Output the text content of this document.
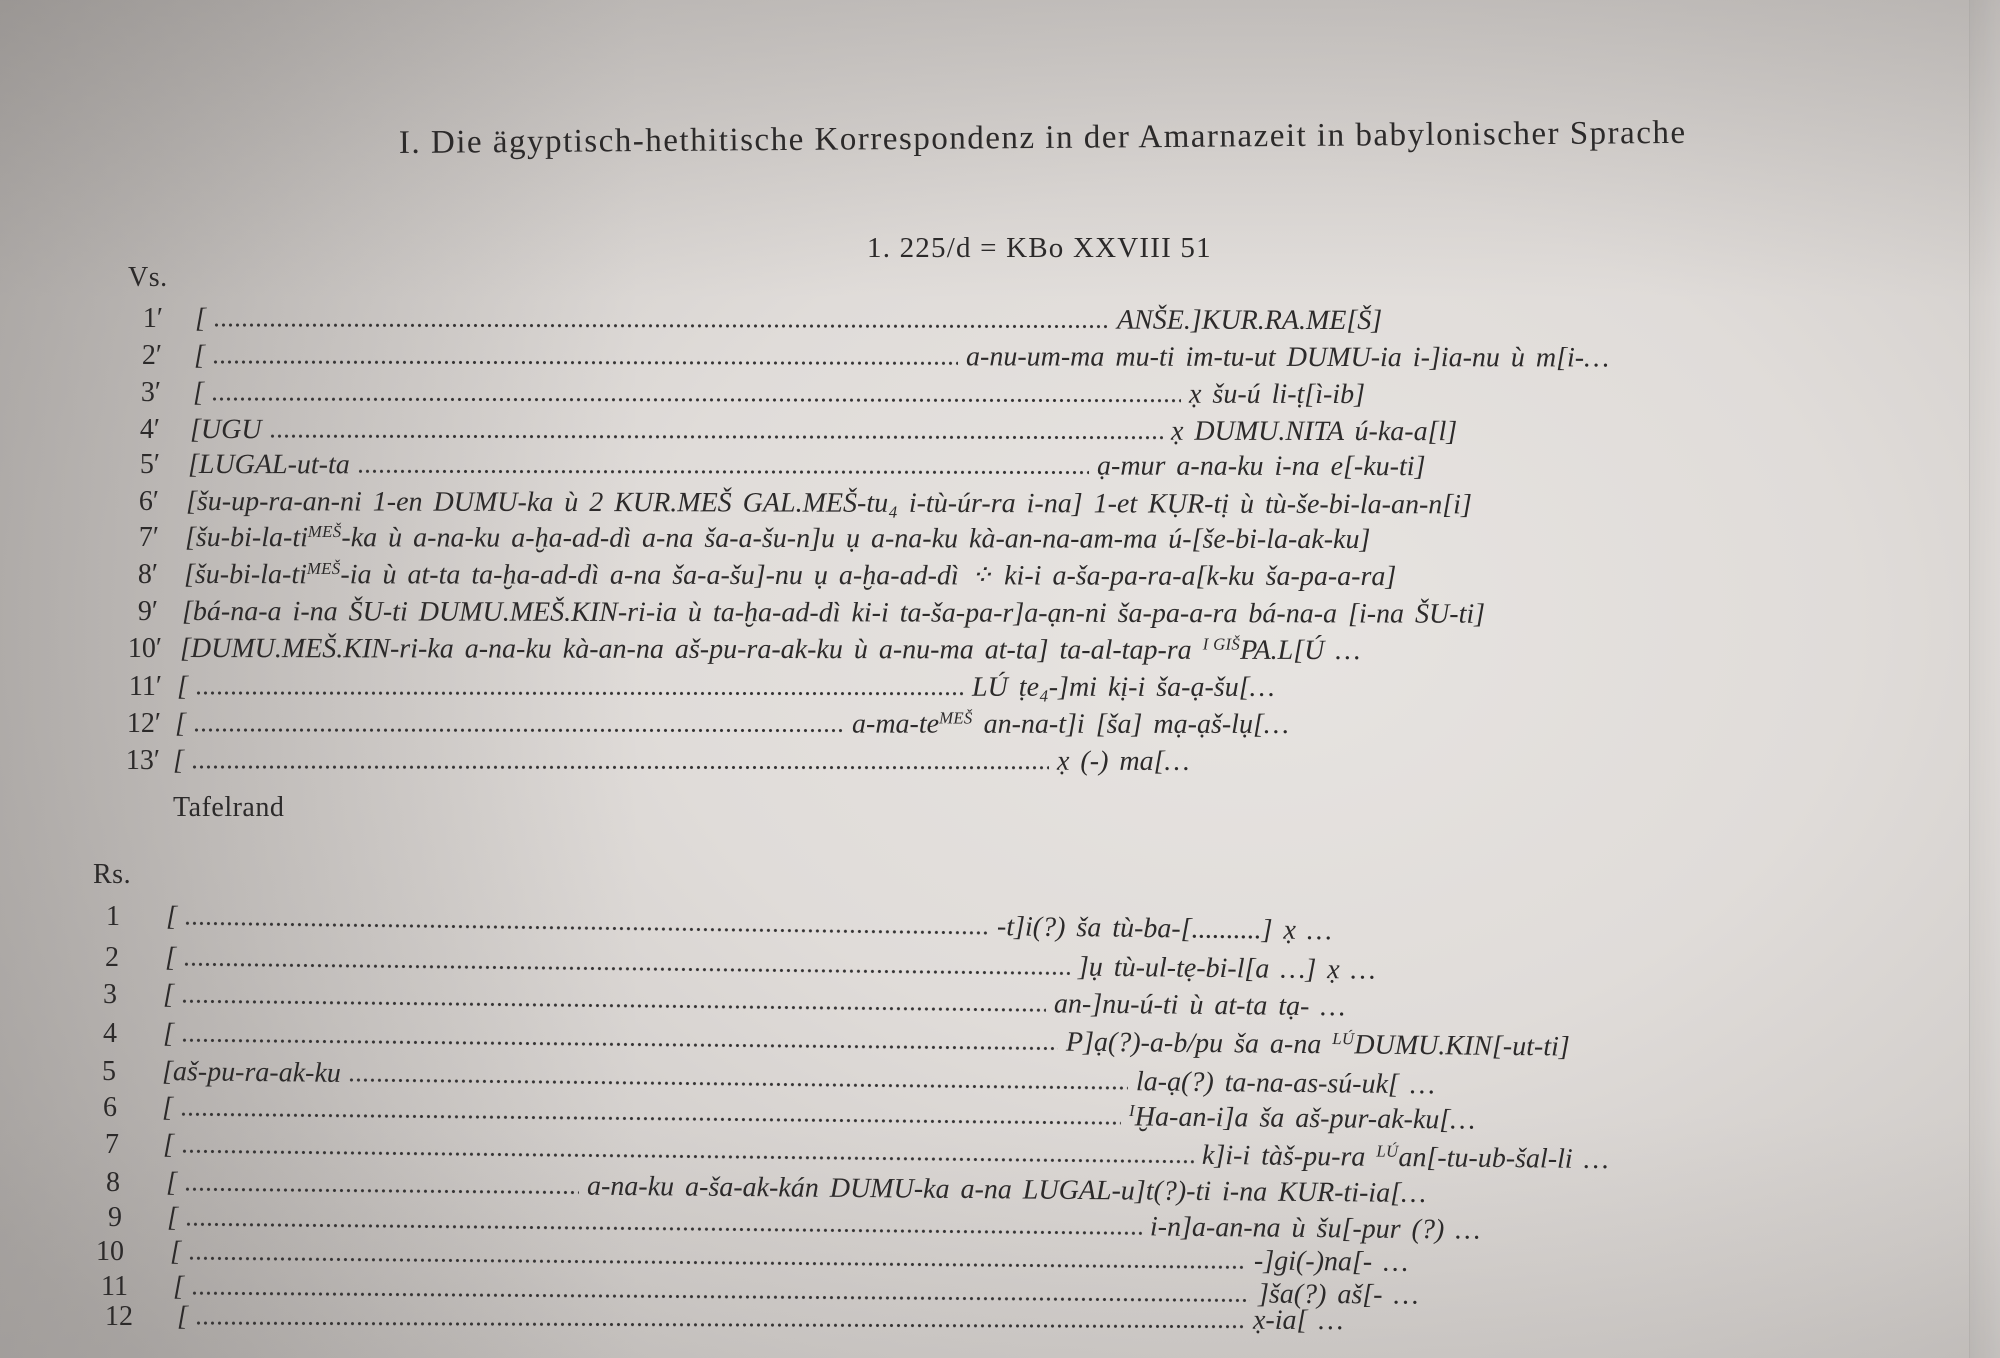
I. Die ägyptisch-hethitische Korrespondenz in der Amarnazeit in babylonischer Sprache
1. 225/d = KBo XXVIII 51
Vs.
1′ [	ANŠE.]KUR.RA.ME[Š]
2′ [	a-nu-um-ma mu-ti im-tu-ut DUMU-ia i-]ia-nu ù m[i-…
3′ [	x̣ šu-ú li-ṭ[ì-ib]
4′ [UGU	x̣ DUMU.NITA ú-ka-a[l]
5′ [LUGAL-ut-ta	ạ-mur a-na-ku i-na e[-ku-ti]
6′ [šu-up-ra-an-ni 1-en DUMU-ka ù 2 KUR.MEŠ GAL.MEŠ-tu₄ i-tù-úr-ra i-na] 1-et KỤR-tị ù tù-še-bi-la-an-n[i]
7′ [$šu-bi-la-ti^{MEŠ}-ka$ ù a-na-ku a-ḫa-ad-dì a-na ša-a-šu-n]u ụ a-na-ku kà-an-na-am-ma ú-[še-bi-la-ak-ku]
8′ [$šu-bi-la-ti^{MEŠ}-ia$ ù at-ta ta-ḫa-ad-dì a-na ša-a-šu]-nu ụ a-ḫa-ad-dì ⁘ ki-i a-ša-pa-ra-a[k-ku ša-pa-a-ra]
9′ [bá-na-a i-na ŠU-ti DUMU.MEŠ.KIN-ri-ia ù ta-ḫa-ad-dì ki-i ta-ša-pa-r]a-ạn-ni ša-pa-a-ra bá-na-a [i-na ŠU-ti]
10′ [DUMU.MEŠ.KIN-ri-ka a-na-ku kà-an-na aš-pu-ra-ak-ku ù a-nu-ma at-ta] ta-al-tap-ra $^{I GIŠ}$PA.L[Ú …
11′ [	LÚ ṭe₄-]mi kị-i ša-ạ-šu[…
12′ [	$a-ma-te^{MEŠ}$ an-na-t]i [ša] mạ-ạš-lụ[…
13′ [	x̣ (-) ma[…
Tafelrand
Rs.
1 [	-t]i(?) ša tù-ba-[..........] x̣ …
2 [	]ụ tù-ul-tẹ-bi-l[a …] x̣ …
3 [	an-]nu-ú-ti ù at-ta tạ- …
4 [	P]ạ(?)-a-b/pu ša a-na $^{LÚ}$DUMU.KIN[-ut-ti]
5 [aš-pu-ra-ak-ku	la-ạ(?) ta-na-as-sú-uk[ …
6 [	$^I$Ḫa-an-i]a ša aš-pur-ak-ku[…
7 [	k]i-i tàš-pu-ra $^{LÚ}$an[-tu-ub-šal-li …
8 [	a-na-ku a-ša-ak-kán DUMU-ka a-na LUGAL-u]t(?)-ti i-na KUR-ti-ia[…
9 [	i-n]a-an-na ù šu[-pur (?) …
10 [	-]gi(-)na[- …
11 [	]ša(?) aš[- …
12 [	x̣-ia[ …
